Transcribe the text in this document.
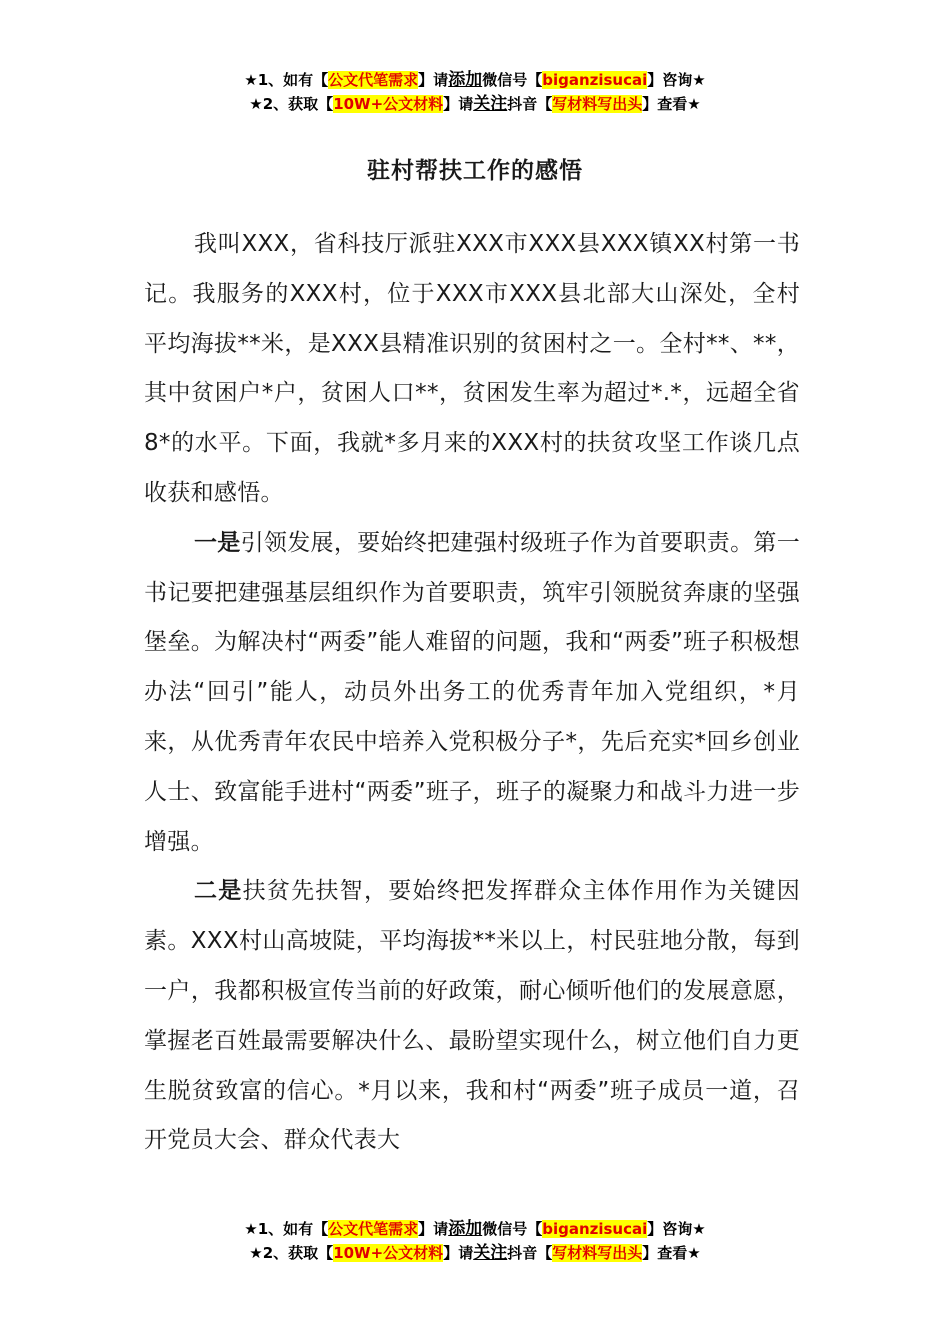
★1、如有【公文代笔需求】请添加微信号【biganzisucai】咨询★
★2、获取【10W+公文材料】请关注抖音【写材料写出头】查看★
驻村帮扶工作的感悟

我叫XXX，省科技厅派驻XXX市XXX县XXX镇XX村第一书记。我服务的XXX村，位于XXX市XXX县北部大山深处，全村平均海拔**米，是XXX县精准识别的贫困村之一。全村**、**，其中贫困户*户，贫困人口**，贫困发生率为超过*.*，远超全省8*的水平。下面，我就*多月来的XXX村的扶贫攻坚工作谈几点收获和感悟。

一是引领发展，要始终把建强村级班子作为首要职责。第一书记要把建强基层组织作为首要职责，筑牢引领脱贫奔康的坚强堡垒。为解决村“两委”能人难留的问题，我和“两委”班子积极想办法“回引”能人，动员外出务工的优秀青年加入党组织，*月来，从优秀青年农民中培养入党积极分子*，先后充实*回乡创业人士、致富能手进村“两委”班子，班子的凝聚力和战斗力进一步增强。

二是扶贫先扶智，要始终把发挥群众主体作用作为关键因素。XXX村山高坡陡，平均海拔**米以上，村民驻地分散，每到一户，我都积极宣传当前的好政策，耐心倾听他们的发展意愿，掌握老百姓最需要解决什么、最盼望实现什么，树立他们自力更生脱贫致富的信心。*月以来，我和村“两委”班子成员一道，召开党员大会、群众代表大

★1、如有【公文代笔需求】请添加微信号【biganzisucai】咨询★
★2、获取【10W+公文材料】请关注抖音【写材料写出头】查看★
